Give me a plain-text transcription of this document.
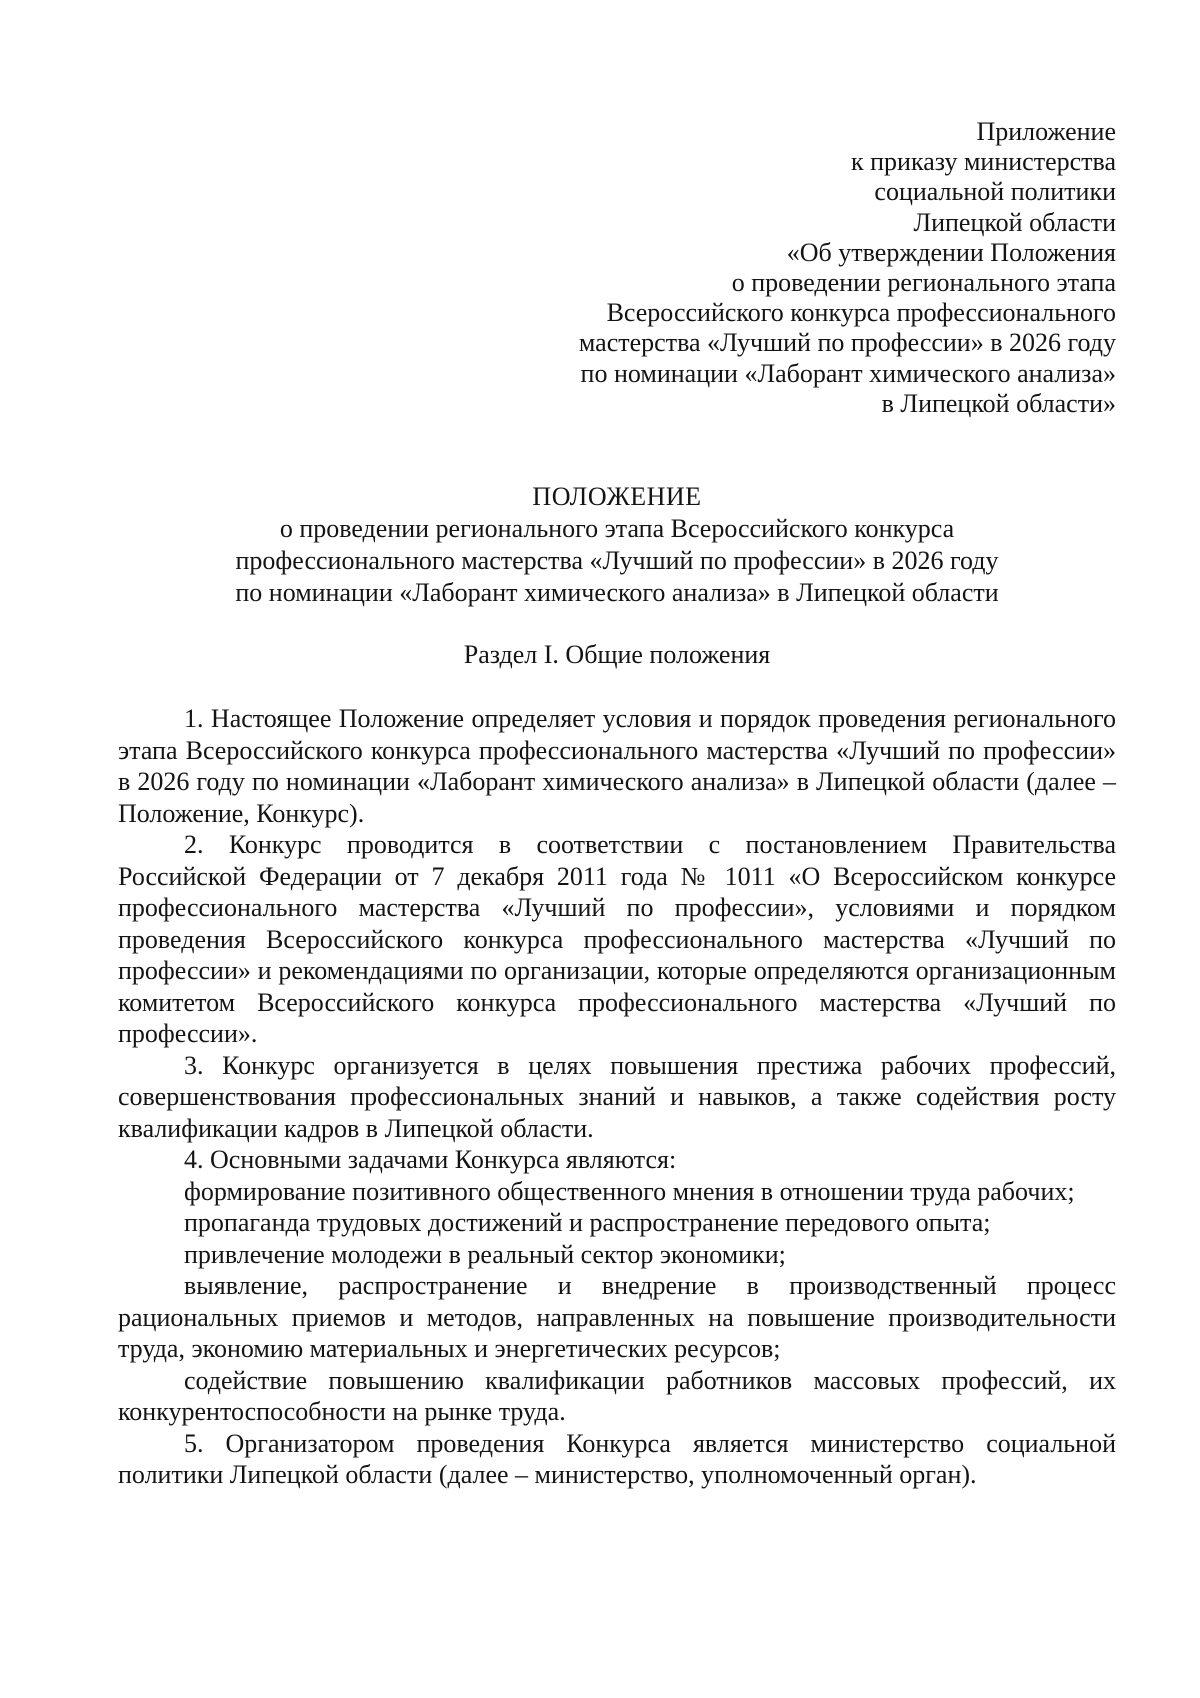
Приложение
к приказу министерства
социальной политики
Липецкой области
«Об утверждении Положения
о проведении регионального этапа
Всероссийского конкурса профессионального
мастерства «Лучший по профессии» в 2026 году
по номинации «Лаборант химического анализа»
в Липецкой области»
ПОЛОЖЕНИЕ
о проведении регионального этапа Всероссийского конкурса
профессионального мастерства «Лучший по профессии» в 2026 году
по номинации «Лаборант химического анализа» в Липецкой области
Раздел I. Общие положения

1. Настоящее Положение определяет условия и порядок проведения регионального этапа Всероссийского конкурса профессионального мастерства «Лучший по профессии» в 2026 году по номинации «Лаборант химического анализа» в Липецкой области (далее – Положение, Конкурс).

2. Конкурс проводится в соответствии с постановлением Правительства Российской Федерации от 7 декабря 2011 года № 1011 «О Всероссийском конкурсе профессионального мастерства «Лучший по профессии», условиями и порядком проведения Всероссийского конкурса профессионального мастерства «Лучший по профессии» и рекомендациями по организации, которые определяются организационным комитетом Всероссийского конкурса профессионального мастерства «Лучший по профессии».

3. Конкурс организуется в целях повышения престижа рабочих профессий, совершенствования профессиональных знаний и навыков, а также содействия росту квалификации кадров в Липецкой области.

4. Основными задачами Конкурса являются:

формирование позитивного общественного мнения в отношении труда рабочих;

пропаганда трудовых достижений и распространение передового опыта;

привлечение молодежи в реальный сектор экономики;

выявление, распространение и внедрение в производственный процесс рациональных приемов и методов, направленных на повышение производительности труда, экономию материальных и энергетических ресурсов;

содействие повышению квалификации работников массовых профессий, их конкурентоспособности на рынке труда.

5. Организатором проведения Конкурса является министерство социальной политики Липецкой области (далее – министерство, уполномоченный орган).
